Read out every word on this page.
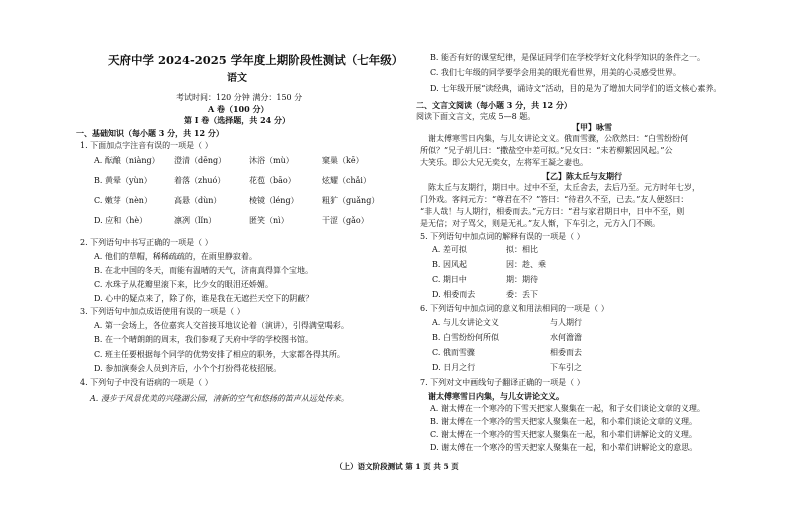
天府中学 2024-2025 学年度上期阶段性测试（七年级）
语文
考试时间：120 分钟 满分：150 分
A 卷（100 分）
第 I 卷（选择题，共 24 分）
一、基础知识（每小题 3 分，共 12 分）
1. 下面加点字注音有误的一项是（ ）
A. 酝酿（niàng） 澄清（dēng）	沐浴（mù）	窠巢（kē）
B. 黄晕（yùn）	着落（zhuó）	花苞（bāo）	炫耀（chǎi）
C. 嫩芽（nèn）	高悬（dùn）	棱镜（léng）	粗犷（guǎng）
D. 应和（hè）	凛冽（lǐn）	匿笑（nì）	干涩（gǎo）
2. 下列语句中书写正确的一项是（ ）
A. 他们的草帽，稀稀疏疏的，在雨里静寂着。
B. 在北中国的冬天，而能有温晴的天气，济南真得算个宝地。
C. 水珠子从花瓣里滚下来，比少女的眼泪还娇媚。
D. 心中的疑点来了，除了你，谁是我在无遮拦天空下的阴蔽？
3. 下列语句中加点成语使用有误的一项是（ ）
A. 第一会场上，各位嘉宾人交首接耳地议论着（演讲），引得满堂喝彩。
B. 在一个晴朗朗的周末，我们参观了天府中学的学校图书馆。
C. 班主任要根据每个同学的优势安排了相应的职务，大家都各得其所。
D. 参加演奏会人员到齐后，小个个打扮得花枝招展。
4. 下列句子中没有语病的一项是（ ）
A. 漫步于风景优美的兴隆湖公园，清新的空气和悠扬的笛声从远处传来。
B. 能否有好的课堂纪律，是保证同学们在学校学好文化科学知识的条件之一。
C. 我们七年级的同学要学会用美的眼光看世界，用美的心灵感受世界。
D. 七年级开展“读经典，诵诗文”活动，目的是为了增加大同学们的语文核心素养。
二、文言文阅读（每小题 3 分，共 12 分）
阅读下面文言文，完成 5—8 题。
【甲】咏雪
谢太傅寒雪日内集，与儿女讲论文义。俄而雪骤，公欣然曰：“白雪纷纷何
所似？”兄子胡儿曰：“撒盐空中差可拟。”兄女曰：“未若柳絮因风起。”公
大笑乐。即公大兄无奕女，左将军王凝之妻也。
【乙】陈太丘与友期行
陈太丘与友期行，期日中。过中不至，太丘舍去，去后乃至。元方时年七岁，
门外戏。客问元方：“尊君在不？”答曰：“待君久不至，已去。”友人便怒曰：
“非人哉！与人期行，相委而去。”元方曰：“君与家君期日中，日中不至，则
是无信；对子骂父，则是无礼。”友人惭，下车引之，元方入门不顾。
5. 下列语句中加点词的解释有误的一项是（ ）
A. 差可拟	拟：相比
B. 因风起	因：趁、乘
C. 期日中	期：期待
D. 相委而去	委：丢下
6. 下列语句中加点词的意义和用法相同的一项是（ ）
A. 与儿女讲论文义	与人期行
B. 白雪纷纷何所似	水何澹澹
C. 俄而雪骤	相委而去
D. 日月之行	下车引之
7. 下列对文中画线句子翻译正确的一项是（ ）
谢太傅寒雪日内集，与儿女讲论文义。
A. 谢太傅在一个寒冷的下雪天把家人聚集在一起，和子女们谈论文章的义理。
B. 谢太傅在一个寒冷的雪天把家人聚集在一起，和小辈们谈论文章的义理。
C. 谢太傅在一个寒冷的雪天把家人聚集在一起，和小辈们讲解论文的义理。
D. 谢太傅在一个寒冷的雪天把家人聚集在一起，和小辈们讲解论文的意思。
（上）语文阶段测试 第 1 页 共 5 页
